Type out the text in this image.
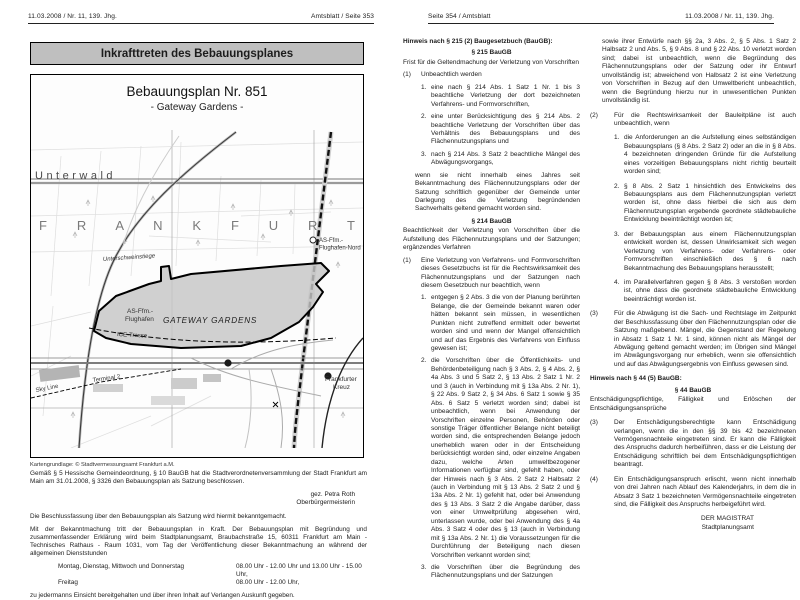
11.03.2008 / Nr. 11, 139. Jhg.	Amtsblatt / Seite 353
Inkrafttreten des Bebauungsplanes
Bebauungsplan Nr. 851
- Gateway Gardens -
Unterwald
F R A N K F U R T
Unterschweinstiege
AS-Ffm.-
Flughafen-Nord
AS-Ffm.-
Flughafen GATEWAY GARDENS
ICE-Trasse
Sky Line
Terminal 2	Frankfurter
Kreuz
Kartengrundlage: © Stadtvermessungsamt Frankfurt a.M.

Gemäß § 5 Hessische Gemeindeordnung, § 10 BauGB hat die Stadtverordnetenversammlung der Stadt Frankfurt am Main am 31.01.2008, § 3326 den Bebauungsplan als Satzung beschlossen.

gez. Petra Roth
Oberbürgermeisterin

Die Beschlussfassung über den Bebauungsplan als Satzung wird hiermit bekanntgemacht.

Mit der Bekanntmachung tritt der Bebauungsplan in Kraft. Der Bebauungsplan mit Begründung und zusammenfassender Erklärung wird beim Stadtplanungsamt, Braubachstraße 15, 60311 Frankfurt am Main - Technisches Rathaus - Raum 1031, vom Tag der Veröffentlichung dieser Bekanntmachung an während der allgemeinen Dienststunden

Montag, Dienstag, Mittwoch und Donnerstag	08.00 Uhr - 12.00 Uhr und 13.00 Uhr - 15.00 Uhr,
Freitag	08.00 Uhr - 12.00 Uhr,

zu jedermanns Einsicht bereitgehalten und über ihren Inhalt auf Verlangen Auskunft gegeben.

Seite 354 / Amtsblatt	11.03.2008 / Nr. 11, 139. Jhg.
Hinweis nach § 215 (2) Baugesetzbuch (BauGB):
§ 215 BauGB
Frist für die Geltendmachung der Verletzung von Vorschriften
(1)	Unbeachtlich werden
1. eine nach § 214 Abs. 1 Satz 1 Nr. 1 bis 3 beachtliche Verletzung der dort bezeichneten Verfahrens- und Formvorschriften,
2. eine unter Berücksichtigung des § 214 Abs. 2 beachtliche Verletzung der Vorschriften über das Verhältnis des Bebauungsplans und des Flächennutzungsplans und
3. nach § 214 Abs. 3 Satz 2 beachtliche Mängel des Abwägungsvorgangs,
wenn sie nicht innerhalb eines Jahres seit Bekanntmachung des Flächennutzungsplans oder der Satzung schriftlich gegenüber der Gemeinde unter Darlegung des die Verletzung begründenden Sachverhalts geltend gemacht worden sind.
§ 214 BauGB
Beachtlichkeit der Verletzung von Vorschriften über die Aufstellung des Flächennutzungsplans und der Satzungen; ergänzendes Verfahren
(1)	Eine Verletzung von Verfahrens- und Formvorschriften dieses Gesetzbuchs ist für die Rechtswirksamkeit des Flächennutzungsplans und der Satzungen nach diesem Gesetzbuch nur beachtlich, wenn
1. entgegen § 2 Abs. 3 die von der Planung berührten Belange, die der Gemeinde bekannt waren oder hätten bekannt sein müssen, in wesentlichen Punkten nicht zutreffend ermittelt oder bewertet worden sind und wenn der Mangel offensichtlich und auf das Ergebnis des Verfahrens von Einfluss gewesen ist;
2. die Vorschriften über die Öffentlichkeits- und Behördenbeteiligung nach § 3 Abs. 2, § 4 Abs. 2, § 4a Abs. 3 und 5 Satz 2, § 13 Abs. 2 Satz 1 Nr. 2 und 3 (auch in Verbindung mit § 13a Abs. 2 Nr. 1), § 22 Abs. 9 Satz 2, § 34 Abs. 6 Satz 1 sowie § 35 Abs. 6 Satz 5 verletzt worden sind; dabei ist unbeachtlich, wenn bei Anwendung der Vorschriften einzelne Personen, Behörden oder sonstige Träger öffentlicher Belange nicht beteiligt worden sind, die entsprechenden Belange jedoch unerheblich waren oder in der Entscheidung berücksichtigt worden sind, oder einzelne Angaben dazu, welche Arten umweltbezogener Informationen verfügbar sind, gefehlt haben, oder der Hinweis nach § 3 Abs. 2 Satz 2 Halbsatz 2 (auch in Verbindung mit § 13 Abs. 2 Satz 2 und § 13a Abs. 2 Nr. 1) gefehlt hat, oder bei Anwendung des § 13 Abs. 3 Satz 2 die Angabe darüber, dass von einer Umweltprüfung abgesehen wird, unterlassen wurde, oder bei Anwendung des § 4a Abs. 3 Satz 4 oder des § 13 (auch in Verbindung mit § 13a Abs. 2 Nr. 1) die Voraussetzungen für die Durchführung der Beteiligung nach diesen Vorschriften verkannt worden sind;
3. die Vorschriften über die Begründung des Flächennutzungsplans und der Satzungen
sowie ihrer Entwürfe nach §§ 2a, 3 Abs. 2, § 5 Abs. 1 Satz 2 Halbsatz 2 und Abs. 5, § 9 Abs. 8 und § 22 Abs. 10 verletzt worden sind; dabei ist unbeachtlich, wenn die Begründung des Flächennutzungsplans oder der Satzung oder ihr Entwurf unvollständig ist; abweichend von Halbsatz 2 ist eine Verletzung von Vorschriften in Bezug auf den Umweltbericht unbeachtlich, wenn die Begründung hierzu nur in unwesentlichen Punkten unvollständig ist.
(2)	Für die Rechtswirksamkeit der Bauleitpläne ist auch unbeachtlich, wenn
1. die Anforderungen an die Aufstellung eines selbständigen Bebauungsplans (§ 8 Abs. 2 Satz 2) oder an die in § 8 Abs. 4 bezeichneten dringenden Gründe für die Aufstellung eines vorzeitigen Bebauungsplans nicht richtig beurteilt worden sind;
2. § 8 Abs. 2 Satz 1 hinsichtlich des Entwickelns des Bebauungsplans aus dem Flächennutzungsplan verletzt worden ist, ohne dass hierbei die sich aus dem Flächennutzungsplan ergebende geordnete städtebauliche Entwicklung beeinträchtigt worden ist;
3. der Bebauungsplan aus einem Flächennutzungsplan entwickelt worden ist, dessen Unwirksamkeit sich wegen Verletzung von Verfahrens- oder Verfahrens- oder Formvorschriften einschließlich des § 6 nach Bekanntmachung des Bebauungsplans herausstellt;
4. im Parallelverfahren gegen § 8 Abs. 3 verstoßen worden ist, ohne dass die geordnete städtebauliche Entwicklung beeinträchtigt worden ist.
(3)	Für die Abwägung ist die Sach- und Rechtslage im Zeitpunkt der Beschlussfassung über den Flächennutzungsplan oder die Satzung maßgebend. Mängel, die Gegenstand der Regelung in Absatz 1 Satz 1 Nr. 1 sind, können nicht als Mängel der Abwägung geltend gemacht werden; im Übrigen sind Mängel im Abwägungsvorgang nur erheblich, wenn sie offensichtlich und auf das Abwägungsergebnis von Einfluss gewesen sind.
Hinweis nach § 44 (5) BauGB:
§ 44 BauGB
Entschädigungspflichtige, Fälligkeit und Erlöschen der Entschädigungsansprüche
(3)	Der Entschädigungsberechtigte kann Entschädigung verlangen, wenn die in den §§ 39 bis 42 bezeichneten Vermögensnachteile eingetreten sind. Er kann die Fälligkeit des Anspruchs dadurch herbeiführen, dass er die Leistung der Entschädigung schriftlich bei dem Entschädigungspflichtigen beantragt.
(4)	Ein Entschädigungsanspruch erlischt, wenn nicht innerhalb von drei Jahren nach Ablauf des Kalenderjahrs, in dem die in Absatz 3 Satz 1 bezeichneten Vermögensnachteile eingetreten sind, die Fälligkeit des Anspruchs herbeigeführt wird.
DER MAGISTRAT
Stadtplanungsamt
